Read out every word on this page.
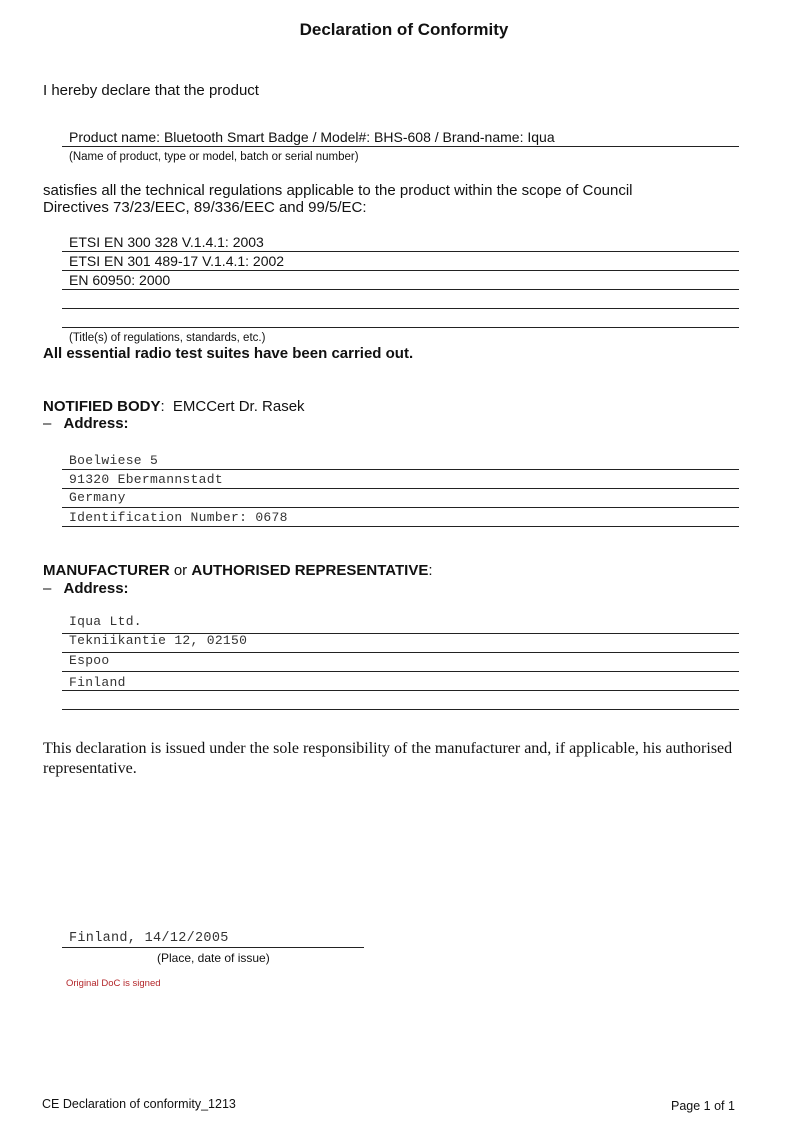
Declaration of Conformity
I hereby declare that the product
Product name: Bluetooth Smart Badge / Model#: BHS-608 / Brand-name: Iqua
(Name of product, type or model, batch or serial number)
satisfies all the technical regulations applicable to the product within the scope of Council
Directives 73/23/EEC, 89/336/EEC and 99/5/EC:
ETSI EN 300 328 V.1.4.1: 2003
ETSI EN 301 489-17 V.1.4.1: 2002
EN 60950: 2000
(Title(s) of regulations, standards, etc.)
All essential radio test suites have been carried out.
NOTIFIED BODY: EMCCert Dr. Rasek
– Address:
Boelwiese 5
91320 Ebermannstadt
Germany
Identification Number: 0678
MANUFACTURER or AUTHORISED REPRESENTATIVE:
– Address:
Iqua Ltd.
Tekniikantie 12, 02150
Espoo
Finland
This declaration is issued under the sole responsibility of the manufacturer and, if applicable, his authorised
representative.
Finland, 14/12/2005
(Place, date of issue)
Original DoC is signed
CE Declaration of conformity_1213	Page 1 of 1
